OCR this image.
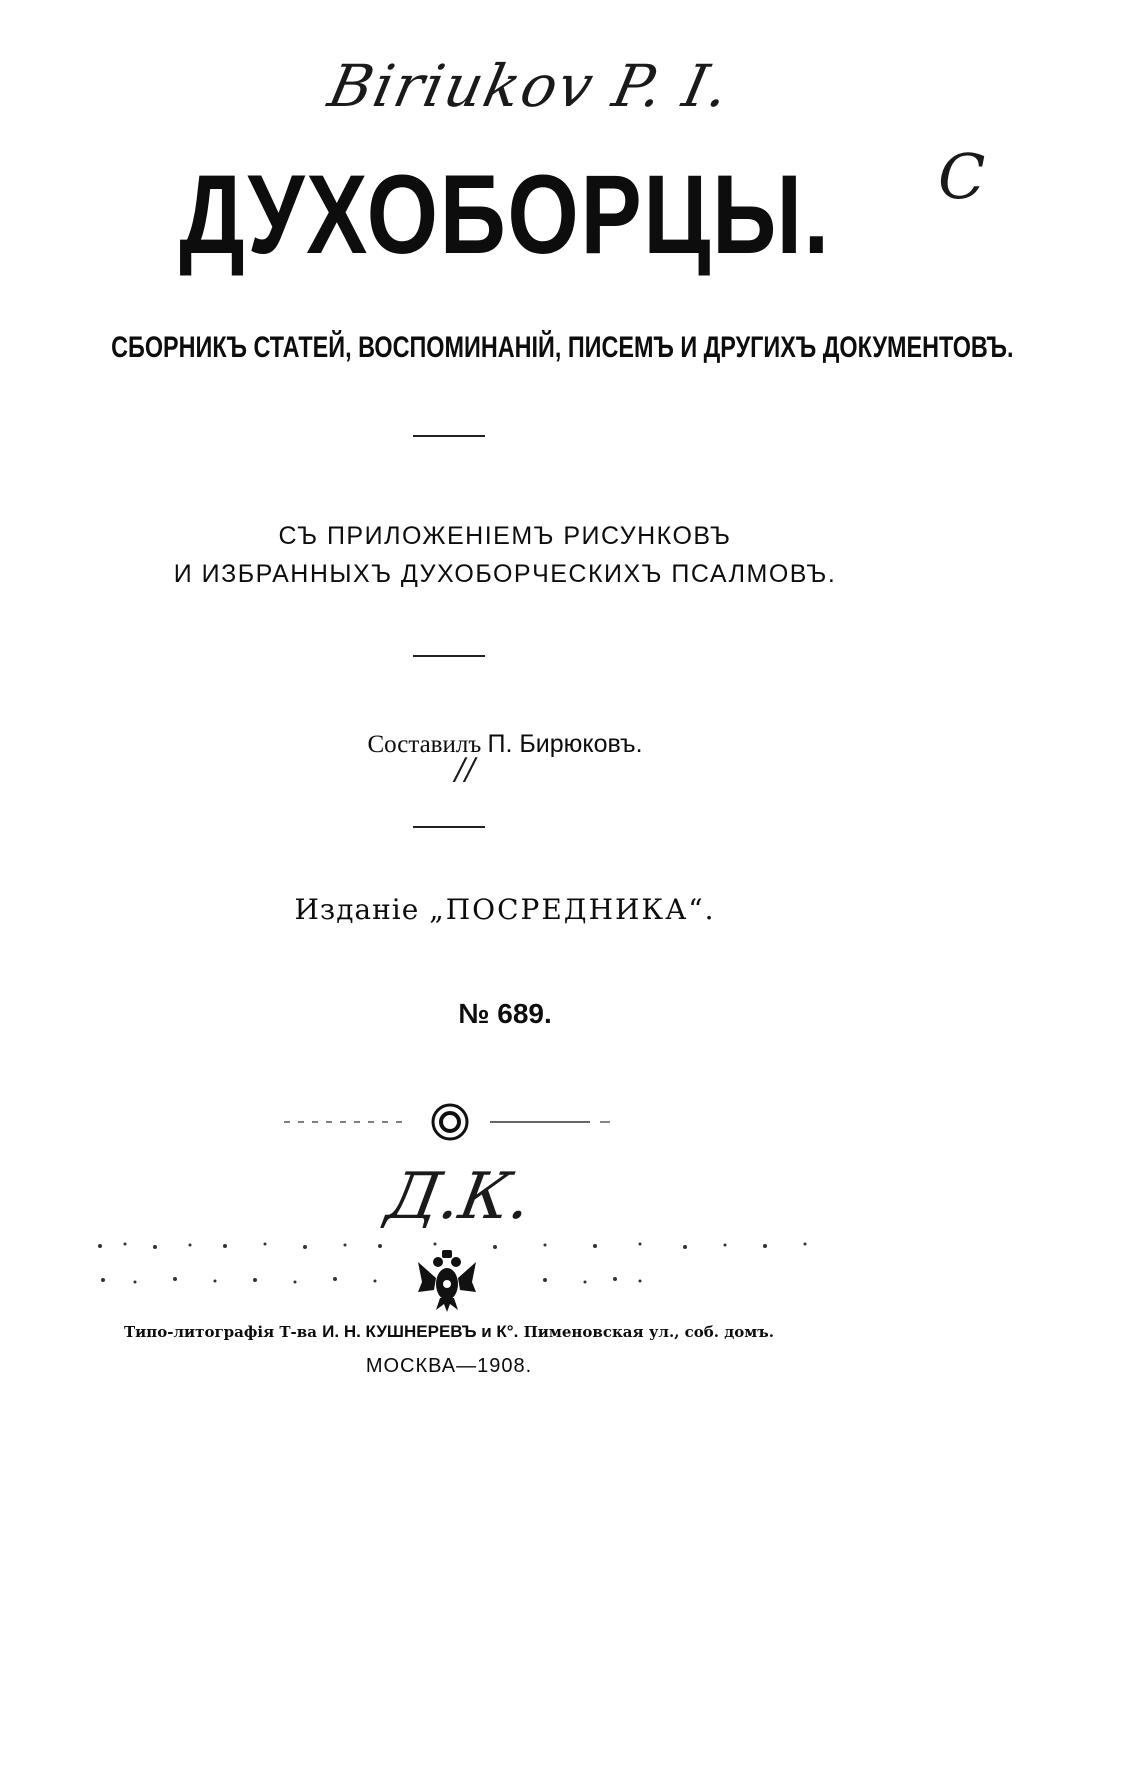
Biriukov P. I.
C
ДУХОБОРЦЫ.
СБОРНИКЪ СТАТЕЙ, ВОСПОМИНАНІЙ, ПИСЕМЪ И ДРУГИХЪ ДОКУМЕНТОВЪ.
СЪ ПРИЛОЖЕНІЕМЪ РИСУНКОВЪ
И ИЗБРАННЫХЪ ДУХОБОРЧЕСКИХЪ ПСАЛМОВЪ.
Составилъ П. Бирюковъ.
//
Изданіе „ПОСРЕДНИКА“.
№ 689.
Д.К.
Типо-литографія Т-ва И. Н. КУШНЕРЕВЪ и К°. Пименовская ул., соб. домъ.
МОСКВА—1908.
